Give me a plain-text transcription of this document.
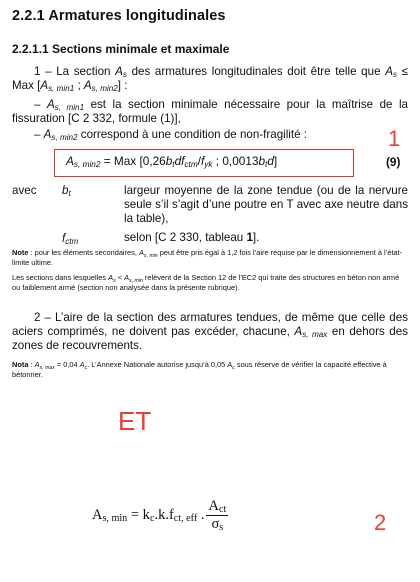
2.2.1 Armatures longitudinales
2.2.1.1 Sections minimale et maximale
1 – La section $A_s$ des armatures longitudinales doit être telle que $A_s$ ≤ Max [$A_{s, min1}$ ; $A_{s, min2}$] :
– $A_{s, min1}$ est la section minimale nécessaire pour la maîtrise de la fissuration [C 2 332, formule (1)],
– $A_{s, min2}$ correspond à une condition de non-fragilité :	1
$A_{s, min2}$ = Max [$0,26b_tdf_{ctm}/f_{yk}$ ; $0,0013b_td$]	(9)
avec $b_t$	largeur moyenne de la zone tendue (ou de la nervure seule s’il s’agit d’une poutre en T avec axe neutre dans la table),
$f_{ctm}$	selon [C 2 330, tableau 1].
Note : pour les éléments secondaires, $A_{s, min}$ peut être pris égal à 1,2 fois l’aire requise par le dimensionnement à l’état-limite ultime.
Les sections dans lesquelles $A_s < A_{s, min}$ relèvent de la Section 12 de l’EC2 qui traite des structures en béton non armé ou faiblement armé (section non analysée dans la présente rubrique).
2 – L’aire de la section des armatures tendues, de même que celle des aciers comprimés, ne doivent pas excéder, chacune, $A_{s, max}$ en dehors des zones de recouvrements.
Nota : $A_{s, max} = 0,04$ $A_c$. L’Annexe Nationale autorise jusqu’à 0,05 $A_c$ sous réserve de vérifier la capacité effective à bétonner.
ET
$A_{s, min} = k_c.k.f_{ct, eff}$ . $\frac{A_{ct}}{\sigma_s}$	2
